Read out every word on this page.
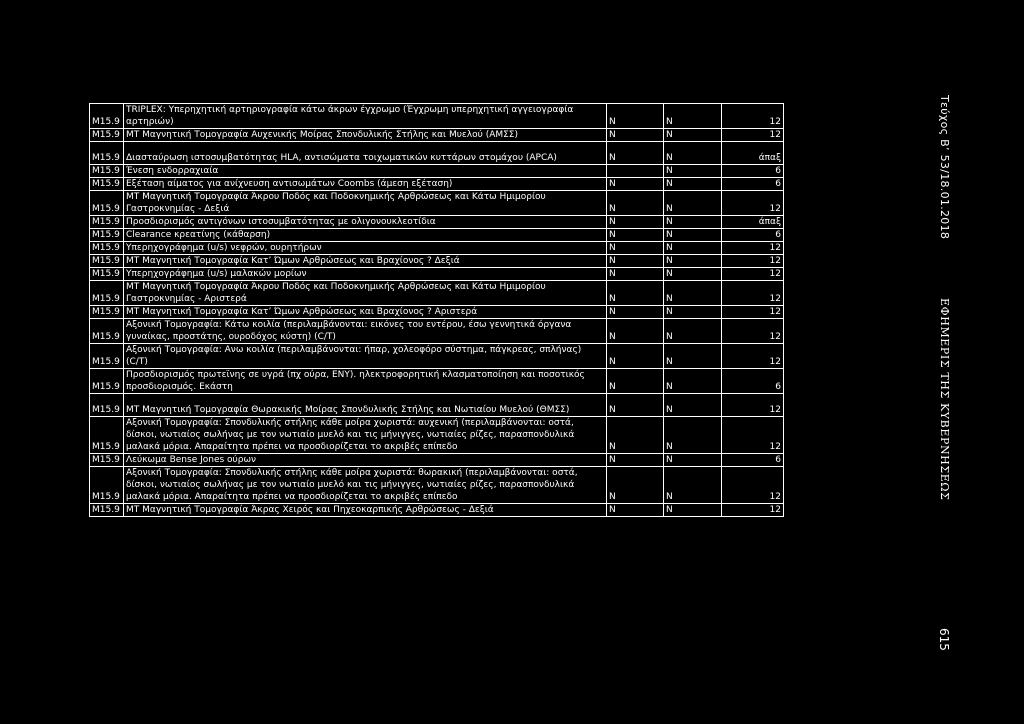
Τεύχος Β’ 53/18.01.2018
ΕΦΗΜΕΡΙΣ ΤΗΣ ΚΥΒΕΡΝΗΣΕΩΣ
615
Μ15.9	TRIPLEX: Υπερηχητική αρτηριογραφία κάτω άκρων έγχρωμο (Έγχρωμη υπερηχητική αγγειογραφία αρτηριών)	Ν	Ν	12
Μ15.9	ΜΤ Μαγνητική Τομογραφία Αυχενικής Μοίρας Σπονδυλικής Στήλης και Μυελού (ΑΜΣΣ)	Ν	Ν	12
Μ15.9	Διασταύρωση ιστοσυμβατότητας HLA, αντισώματα τοιχωματικών κυττάρων στομάχου (APCA)	Ν	Ν	άπαξ
Μ15.9	Ένεση ενδορραχιαία		Ν	6
Μ15.9	Εξέταση αίματος για ανίχνευση αντισωμάτων Coombs (άμεση εξέταση)	Ν	Ν	6
Μ15.9	ΜΤ Μαγνητική Τομογραφία Άκρου Ποδός και Ποδοκνημικής Αρθρώσεως και Κάτω Ημιμορίου Γαστροκνημίας - Δεξιά	Ν	Ν	12
Μ15.9	Προσδιορισμός αντιγόνων ιστοσυμβατότητας με ολιγονουκλεοτίδια	Ν	Ν	άπαξ
Μ15.9	Clearance κρεατίνης (κάθαρση)	Ν	Ν	6
Μ15.9	Υπερηχογράφημα (u/s) νεφρών, ουρητήρων	Ν	Ν	12
Μ15.9	ΜΤ Μαγνητική Τομογραφία Κατ’ Ώμων Αρθρώσεως και Βραχίονος ? Δεξιά	Ν	Ν	12
Μ15.9	Υπερηχογράφημα (u/s) μαλακών μορίων	Ν	Ν	12
Μ15.9	ΜΤ Μαγνητική Τομογραφία Άκρου Ποδός και Ποδοκνημικής Αρθρώσεως και Κάτω Ημιμορίου Γαστροκνημίας - Αριστερά	Ν	Ν	12
Μ15.9	ΜΤ Μαγνητική Τομογραφία Κατ’ Ώμων Αρθρώσεως και Βραχίονος ? Αριστερά	Ν	Ν	12
Μ15.9	Αξονική Τομογραφία: Κάτω κοιλία (περιλαμβάνονται: εικόνες του εντέρου, έσω γεννητικά όργανα γυναίκας, προστάτης, ουροδόχος κύστη) (C/T)	Ν	Ν	12
Μ15.9	Αξονική Τομογραφία: Ανω κοιλία (περιλαμβάνονται: ήπαρ, χολεοφόρο σύστημα, πάγκρεας, σπλήνας) (C/T)	Ν	Ν	12
Μ15.9	Προσδιορισμός πρωτεϊνης σε υγρά (πχ ούρα, ΕΝΥ). ηλεκτροφορητική κλασματοποίηση και ποσοτικός προσδιορισμός. Εκάστη	Ν	Ν	6
Μ15.9	ΜΤ Μαγνητική Τομογραφία Θωρακικής Μοίρας Σπονδυλικής Στήλης και Νωτιαίου Μυελού (ΘΜΣΣ)	Ν	Ν	12
Μ15.9	Αξονική Τομογραφία: Σπονδυλικής στήλης κάθε μοίρα χωριστά: αυχενική (περιλαμβάνονται: οστά, δίσκοι, νωτιαίος σωλήνας με τον νωτιαίο μυελό και τις μήνιγγες, νωτιαίες ρίζες, παρασπονδυλικά μαλακά μόρια. Απαραίτητα πρέπει να προσδιορίζεται το ακριβές επίπεδο	Ν	Ν	12
Μ15.9	Λεύκωμα Bense Jones ούρων	Ν	Ν	6
Μ15.9	Αξονική Τομογραφία: Σπονδυλικής στήλης κάθε μοίρα χωριστά: θωρακική (περιλαμβάνονται: οστά, δίσκοι, νωτιαίος σωλήνας με τον νωτιαίο μυελό και τις μήνιγγες, νωτιαίες ρίζες, παρασπονδυλικά μαλακά μόρια. Απαραίτητα πρέπει να προσδιορίζεται το ακριβές επίπεδο	Ν	Ν	12
Μ15.9	ΜΤ Μαγνητική Τομογραφία Άκρας Χειρός και Πηχεοκαρπικής Αρθρώσεως - Δεξιά	Ν	Ν	12
